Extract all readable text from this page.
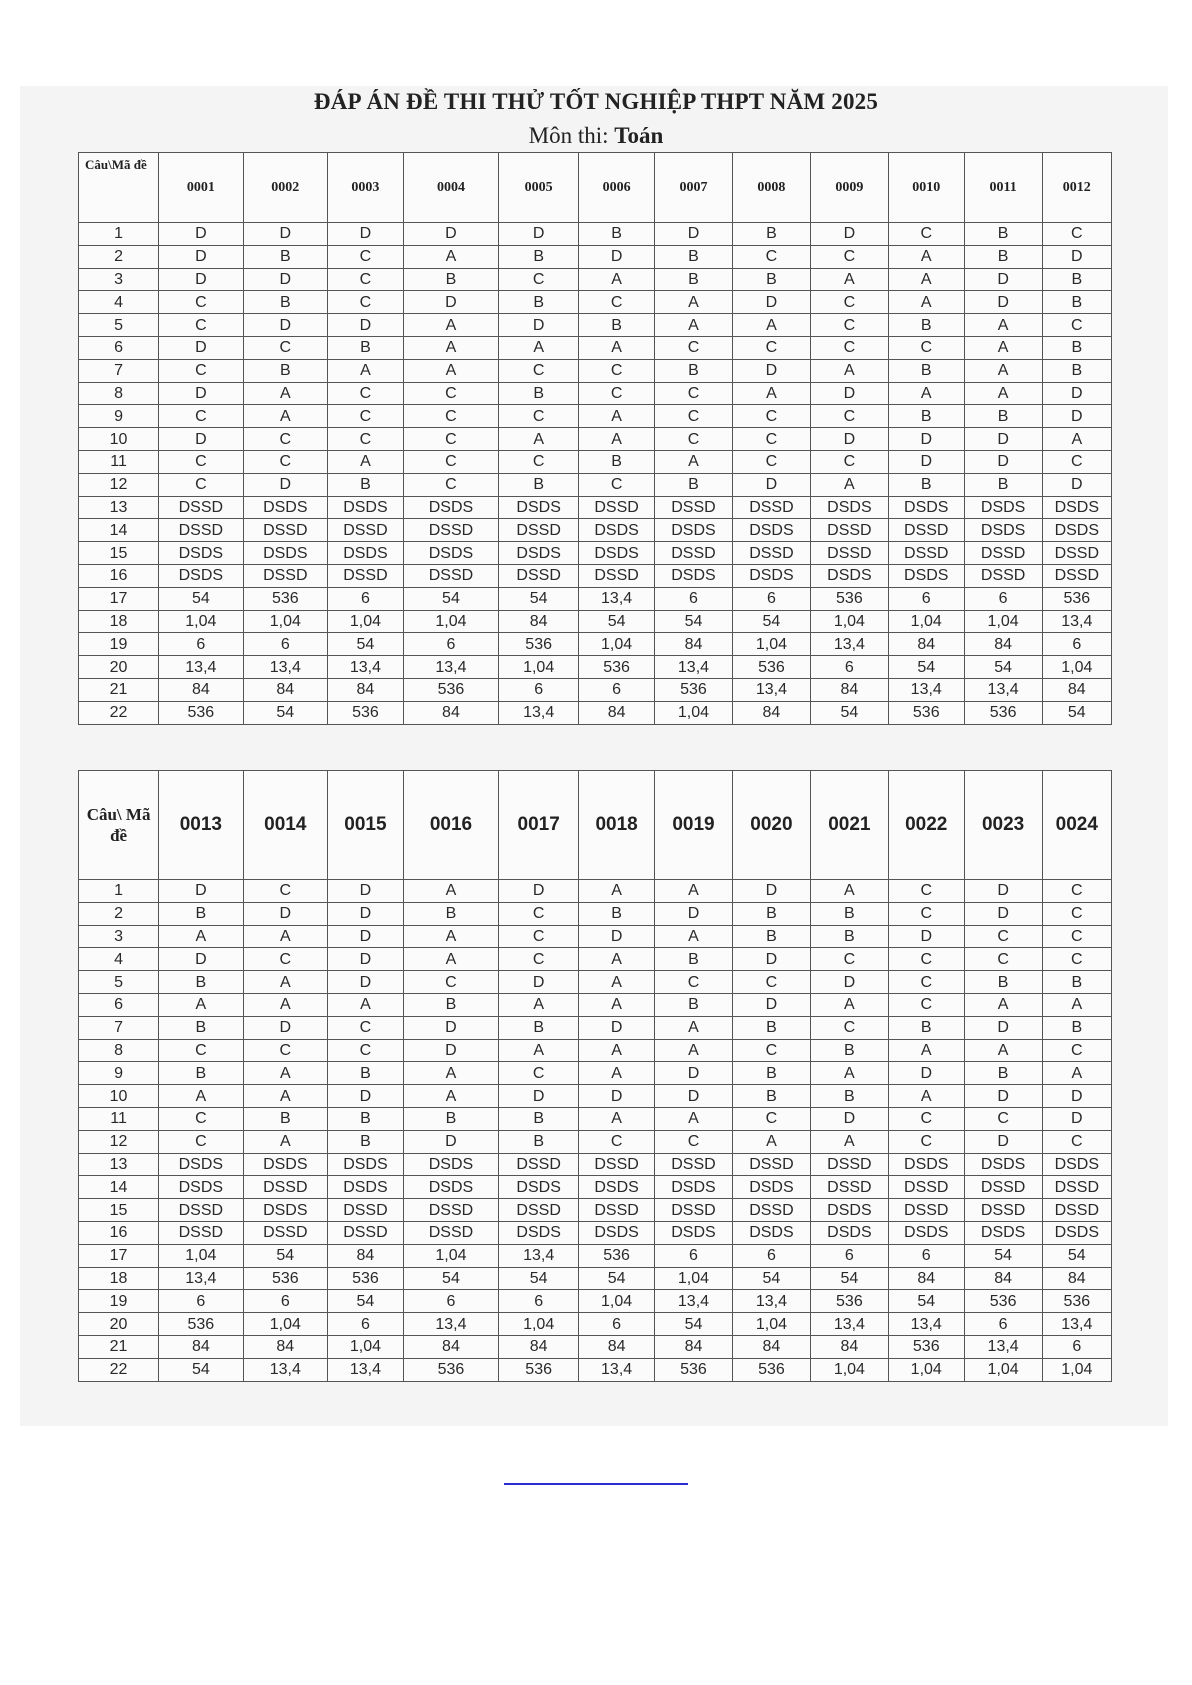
ĐÁP ÁN ĐỀ THI THỬ TỐT NGHIỆP THPT NĂM 2025
Môn thi: Toán
Câu\Mã đề	0001	0002	0003	0004	0005	0006	0007	0008	0009	0010	0011	0012
1	D	D	D	D	D	B	D	B	D	C	B	C
2	D	B	C	A	B	D	B	C	C	A	B	D
3	D	D	C	B	C	A	B	B	A	A	D	B
4	C	B	C	D	B	C	A	D	C	A	D	B
5	C	D	D	A	D	B	A	A	C	B	A	C
6	D	C	B	A	A	A	C	C	C	C	A	B
7	C	B	A	A	C	C	B	D	A	B	A	B
8	D	A	C	C	B	C	C	A	D	A	A	D
9	C	A	C	C	C	A	C	C	C	B	B	D
10	D	C	C	C	A	A	C	C	D	D	D	A
11	C	C	A	C	C	B	A	C	C	D	D	C
12	C	D	B	C	B	C	B	D	A	B	B	D
13	DSSD	DSDS	DSDS	DSDS	DSDS	DSSD	DSSD	DSSD	DSDS	DSDS	DSDS	DSDS
14	DSSD	DSSD	DSSD	DSSD	DSSD	DSDS	DSDS	DSDS	DSSD	DSSD	DSDS	DSDS
15	DSDS	DSDS	DSDS	DSDS	DSDS	DSDS	DSSD	DSSD	DSSD	DSSD	DSSD	DSSD
16	DSDS	DSSD	DSSD	DSSD	DSSD	DSSD	DSDS	DSDS	DSDS	DSDS	DSSD	DSSD
17	54	536	6	54	54	13,4	6	6	536	6	6	536
18	1,04	1,04	1,04	1,04	84	54	54	54	1,04	1,04	1,04	13,4
19	6	6	54	6	536	1,04	84	1,04	13,4	84	84	6
20	13,4	13,4	13,4	13,4	1,04	536	13,4	536	6	54	54	1,04
21	84	84	84	536	6	6	536	13,4	84	13,4	13,4	84
22	536	54	536	84	13,4	84	1,04	84	54	536	536	54
Câu\ Mã đề	0013	0014	0015	0016	0017	0018	0019	0020	0021	0022	0023	0024
1	D	C	D	A	D	A	A	D	A	C	D	C
2	B	D	D	B	C	B	D	B	B	C	D	C
3	A	A	D	A	C	D	A	B	B	D	C	C
4	D	C	D	A	C	A	B	D	C	C	C	C
5	B	A	D	C	D	A	C	C	D	C	B	B
6	A	A	A	B	A	A	B	D	A	C	A	A
7	B	D	C	D	B	D	A	B	C	B	D	B
8	C	C	C	D	A	A	A	C	B	A	A	C
9	B	A	B	A	C	A	D	B	A	D	B	A
10	A	A	D	A	D	D	D	B	B	A	D	D
11	C	B	B	B	B	A	A	C	D	C	C	D
12	C	A	B	D	B	C	C	A	A	C	D	C
13	DSDS	DSDS	DSDS	DSDS	DSSD	DSSD	DSSD	DSSD	DSSD	DSDS	DSDS	DSDS
14	DSDS	DSSD	DSDS	DSDS	DSDS	DSDS	DSDS	DSDS	DSSD	DSSD	DSSD	DSSD
15	DSSD	DSDS	DSSD	DSSD	DSSD	DSSD	DSSD	DSSD	DSDS	DSSD	DSSD	DSSD
16	DSSD	DSSD	DSSD	DSSD	DSDS	DSDS	DSDS	DSDS	DSDS	DSDS	DSDS	DSDS
17	1,04	54	84	1,04	13,4	536	6	6	6	6	54	54
18	13,4	536	536	54	54	54	1,04	54	54	84	84	84
19	6	6	54	6	6	1,04	13,4	13,4	536	54	536	536
20	536	1,04	6	13,4	1,04	6	54	1,04	13,4	13,4	6	13,4
21	84	84	1,04	84	84	84	84	84	84	536	13,4	6
22	54	13,4	13,4	536	536	13,4	536	536	1,04	1,04	1,04	1,04
